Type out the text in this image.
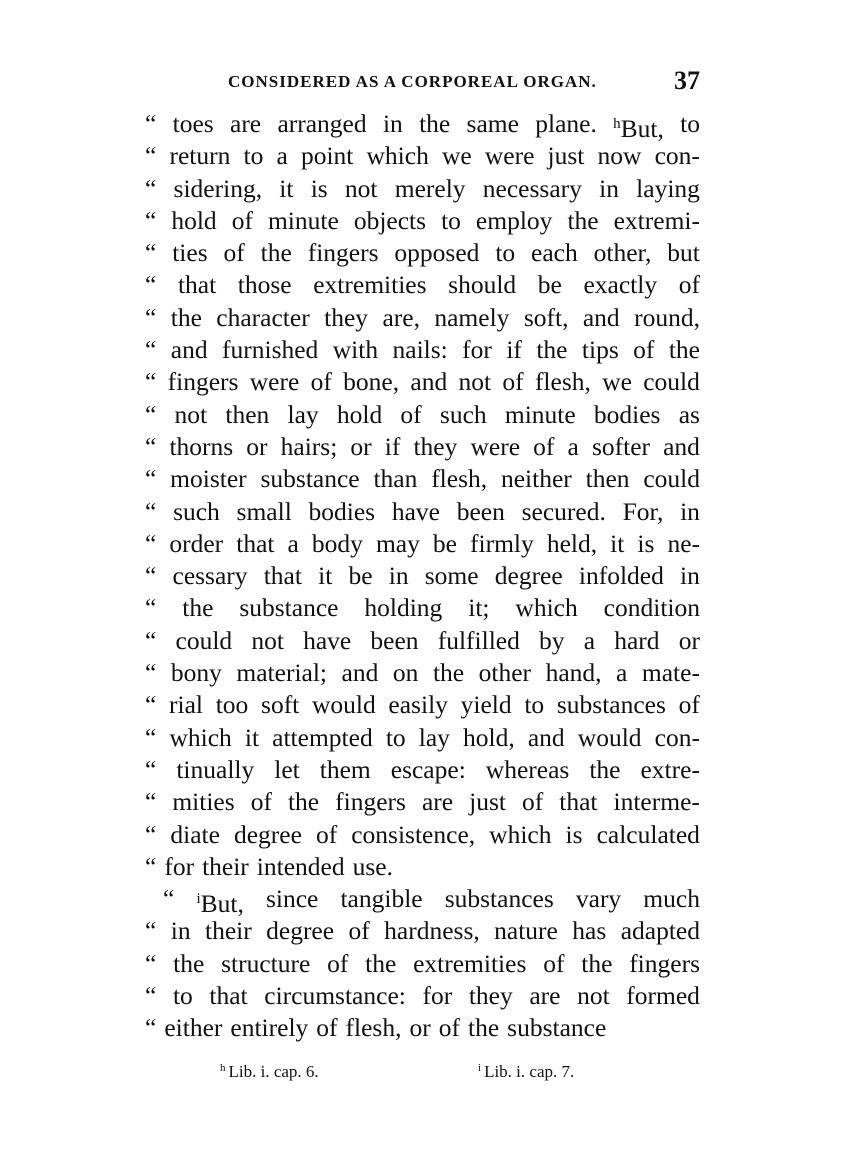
CONSIDERED AS A CORPOREAL ORGAN.	37
“ toes are arranged in the same plane. $^h$But, to
“ return to a point which we were just now con-
“ sidering, it is not merely necessary in laying
“ hold of minute objects to employ the extremi-
“ ties of the fingers opposed to each other, but
“ that those extremities should be exactly of
“ the character they are, namely soft, and round,
“ and furnished with nails: for if the tips of the
“ fingers were of bone, and not of flesh, we could
“ not then lay hold of such minute bodies as
“ thorns or hairs; or if they were of a softer and
“ moister substance than flesh, neither then could
“ such small bodies have been secured. For, in
“ order that a body may be firmly held, it is ne-
“ cessary that it be in some degree infolded in
“ the substance holding it; which condition
“ could not have been fulfilled by a hard or
“ bony material; and on the other hand, a mate-
“ rial too soft would easily yield to substances of
“ which it attempted to lay hold, and would con-
“ tinually let them escape: whereas the extre-
“ mities of the fingers are just of that interme-
“ diate degree of consistence, which is calculated
“ for their intended use.
“ $^i$But, since tangible substances vary much
“ in their degree of hardness, nature has adapted
“ the structure of the extremities of the fingers
“ to that circumstance: for they are not formed
“ either entirely of flesh, or of the substance
$^h$ Lib. i. cap. 6.	$^i$ Lib. i. cap. 7.
